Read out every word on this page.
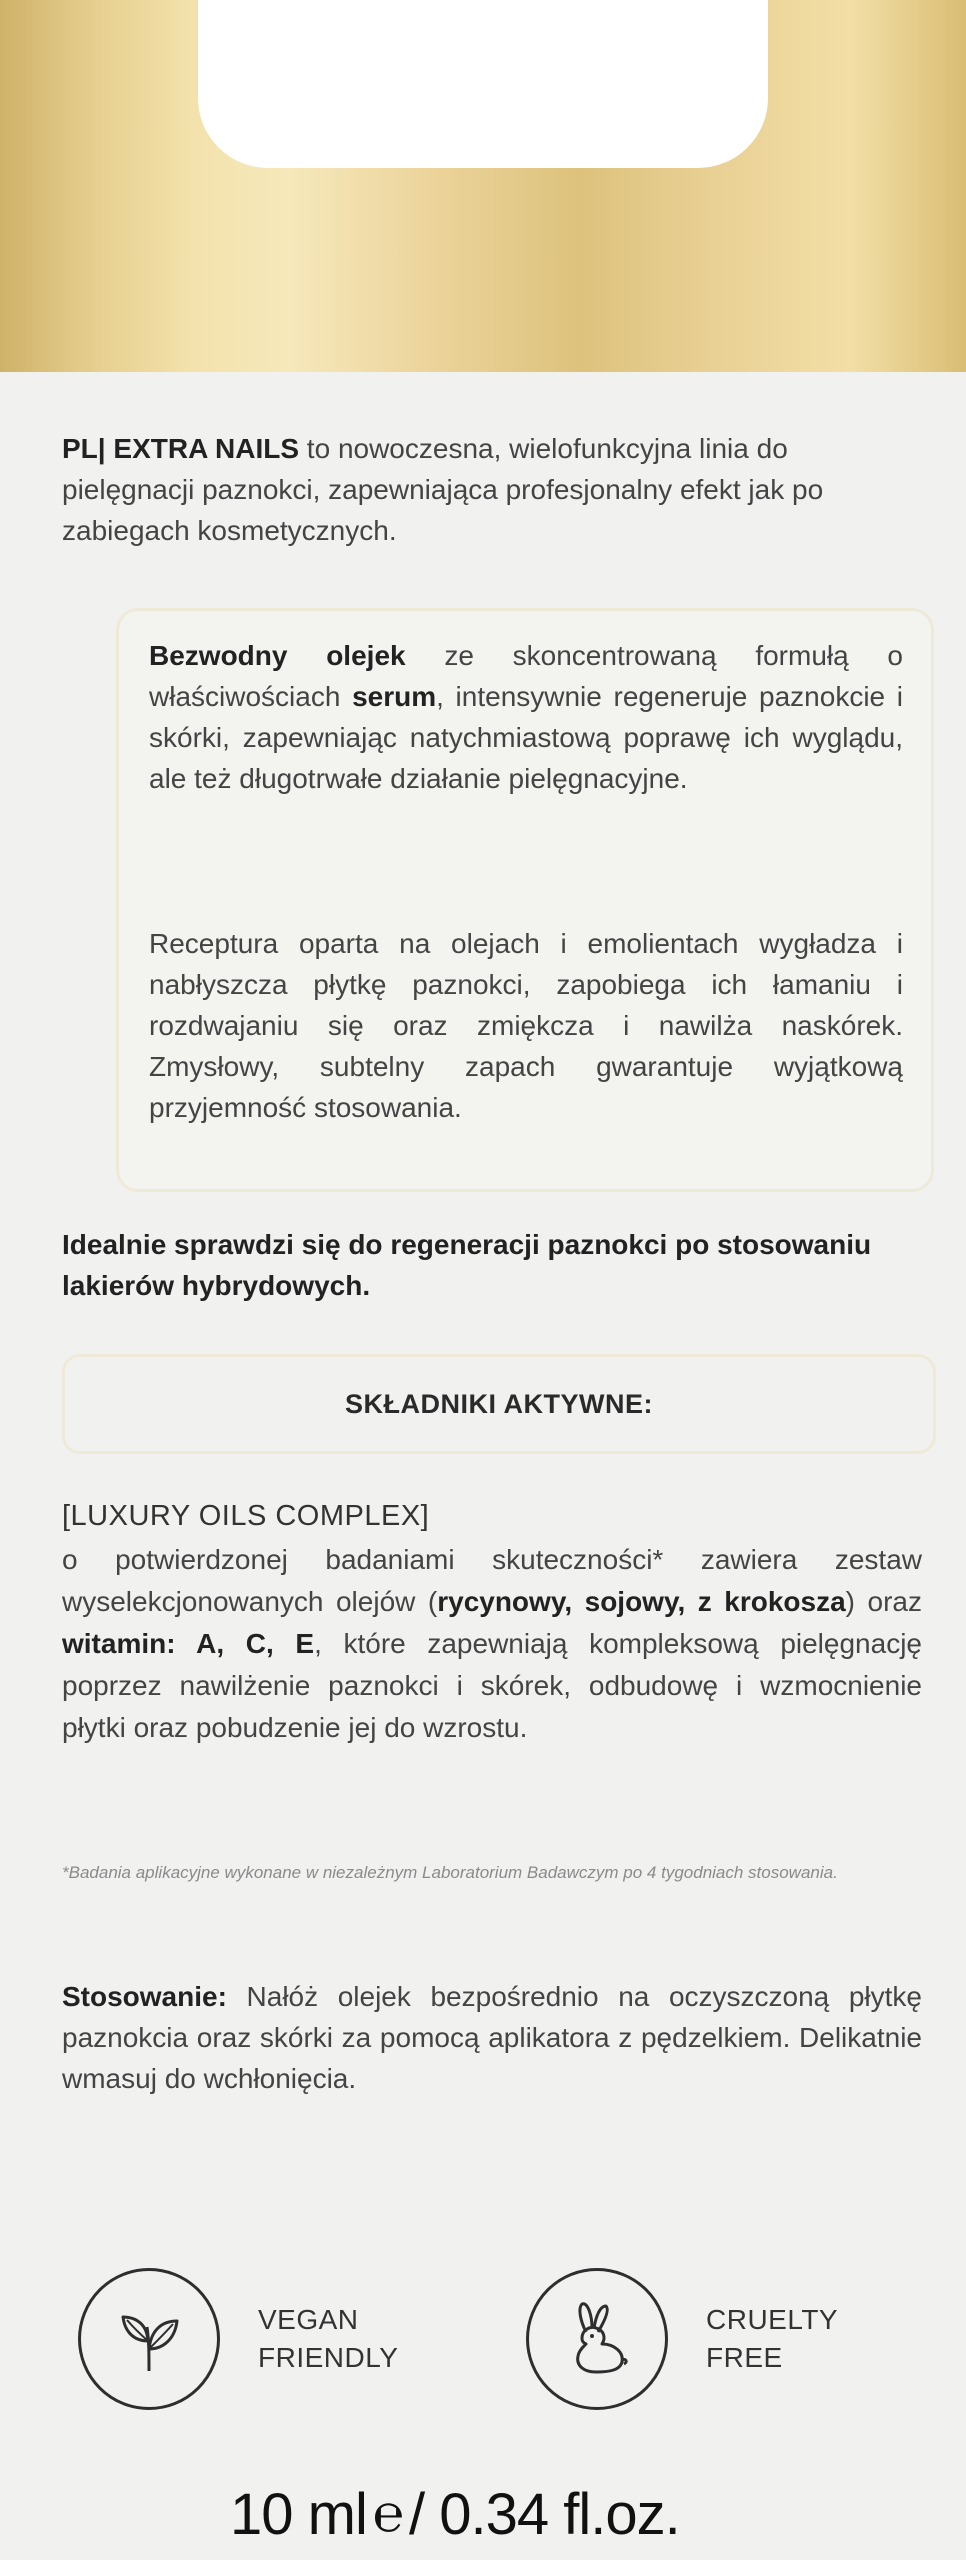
PL| EXTRA NAILS to nowoczesna, wielofunkcyjna linia do pielęgnacji paznokci, zapewniająca profesjonalny efekt jak po zabiegach kosmetycznych.

Bezwodny olejek ze skoncentrowaną formułą o właściwościach serum, intensywnie regeneruje paznokcie i skórki, zapewniając natychmiastową poprawę ich wyglądu, ale też długotrwałe działanie pielęgnacyjne.

Receptura oparta na olejach i emolientach wygładza i nabłyszcza płytkę paznokci, zapobiega ich łamaniu i rozdwajaniu się oraz zmiękcza i nawilża naskórek. Zmysłowy, subtelny zapach gwarantuje wyjątkową przyjemność stosowania.

Idealnie sprawdzi się do regeneracji paznokci po stosowaniu lakierów hybrydowych.
SKŁADNIKI AKTYWNE:
[LUXURY OILS COMPLEX]
o potwierdzonej badaniami skuteczności* zawiera zestaw wyselekcjonowanych olejów (rycynowy, sojowy, z krokosza) oraz witamin: A, C, E, które zapewniają kompleksową pielęgnację poprzez nawilżenie paznokci i skórek, odbudowę i wzmocnienie płytki oraz pobudzenie jej do wzrostu.
*Badania aplikacyjne wykonane w niezależnym Laboratorium Badawczym po 4 tygodniach stosowania.
Stosowanie: Nałóż olejek bezpośrednio na oczyszczoną płytkę paznokcia oraz skórki za pomocą aplikatora z pędzelkiem. Delikatnie wmasuj do wchłonięcia.
VEGAN
FRIENDLY
CRUELTY
FREE
10 ml ℮ / 0.34 fl.oz.
